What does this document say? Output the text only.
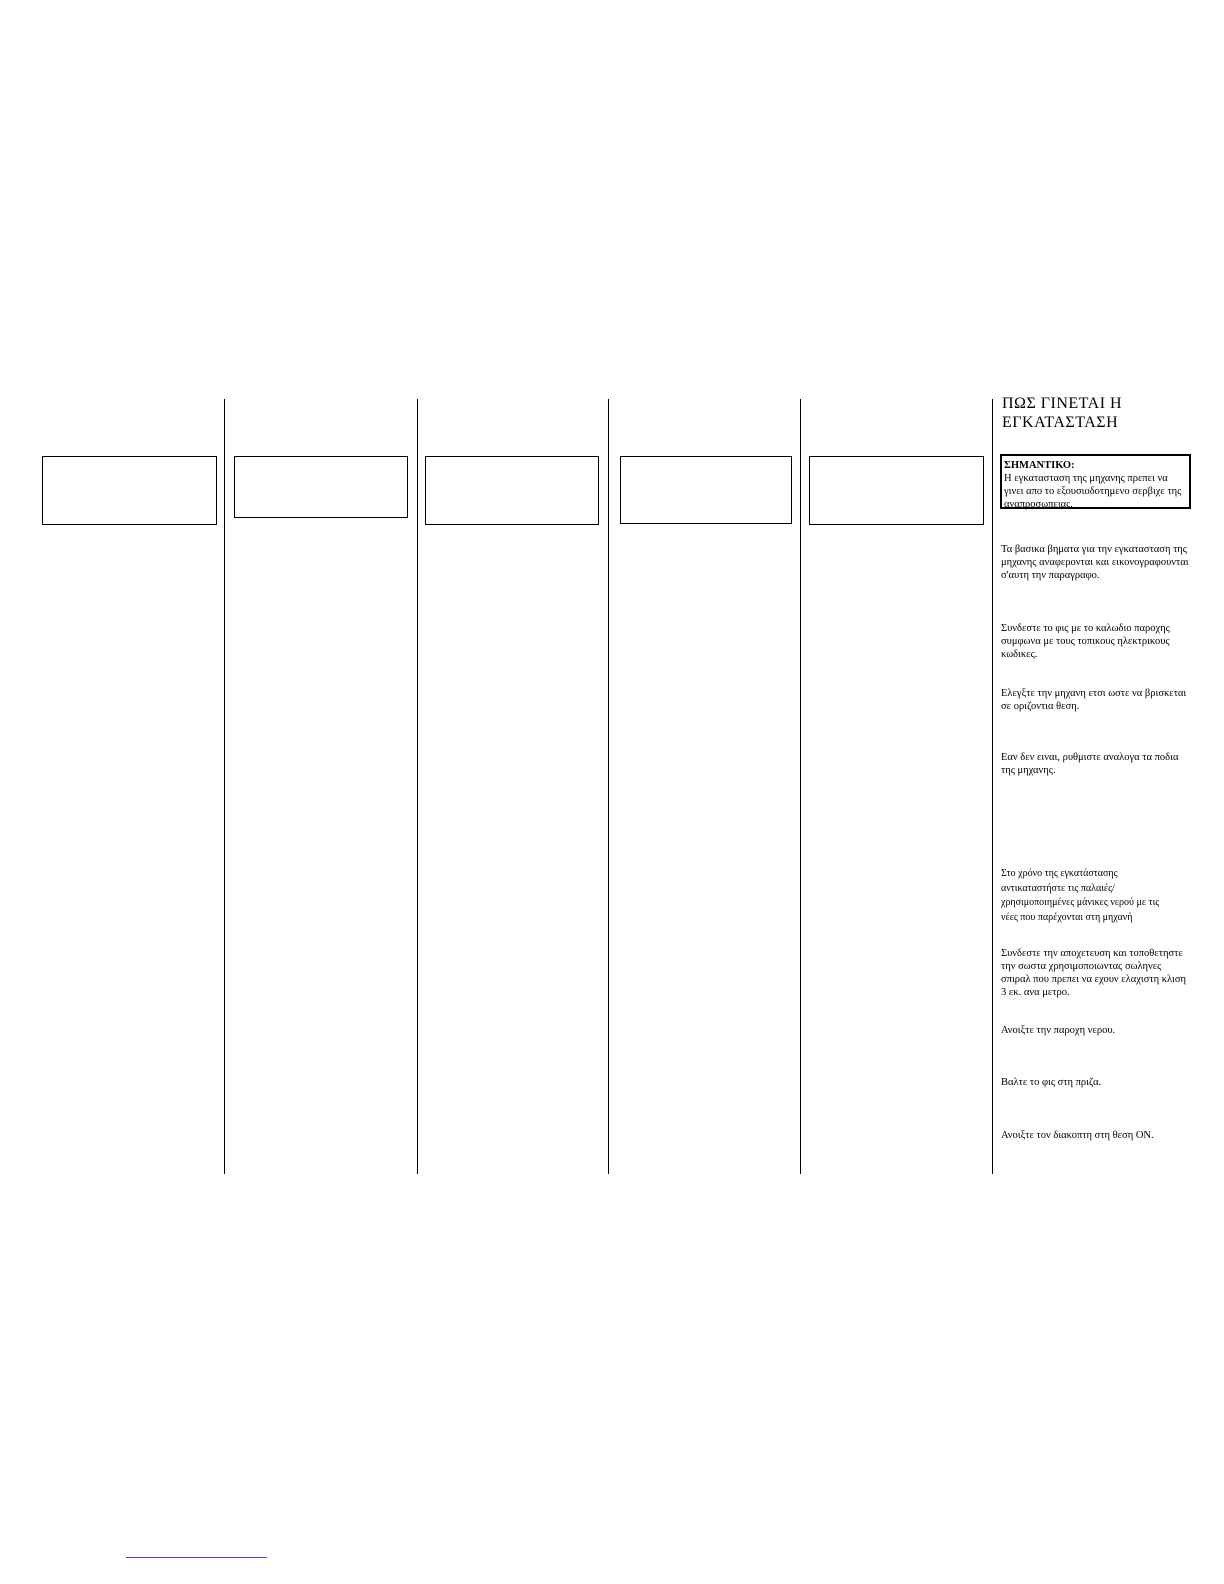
ΠΩΣ ΓΙΝΕΤΑΙ Η ΕΓΚΑΤΑΣΤΑΣΗ
ΣΗΜΑΝΤΙΚΟ:
Η εγκατασταση της μηχανης πρεπει να γινει απο το εξουσιοδοτημενο σερβιχε της αναπροσωπειας.
Τα βασικα βηματα για την εγκατασταση της μηχανης αναφερονται και εικονογραφουνται σ'αυτη την παραγραφο.
Συνδεστε το φις με το καλωδιο παροχης συμφωνα με τους τοπικους ηλεκτρικους κωδικες.
Ελεγξτε την μηχανη ετσι ωστε να βρισκεται σε οριζοντια θεση.
Εαν δεν ειναι, ρυθμιστε αναλογα τα ποδια της μηχανης.
Στο χρόνο της εγκατάστασης αντικαταστήστε τις παλαιές/χρησιμοποιημένες μάνικες νερού με τις νέες που παρέχονται στη μηχανή
Συνδεστε την αποχετευση και τοποθετηστε την σωστα χρησιμοποιωντας σωληνες σπιραλ που πρεπει να εχουν ελαχιστη κλιση 3 εκ. ανα μετρο.
Ανοιξτε την παροχη νερου.
Βαλτε το φις στη πριζα.
Ανοιξτε τον διακοπτη στη θεση ΟΝ.
